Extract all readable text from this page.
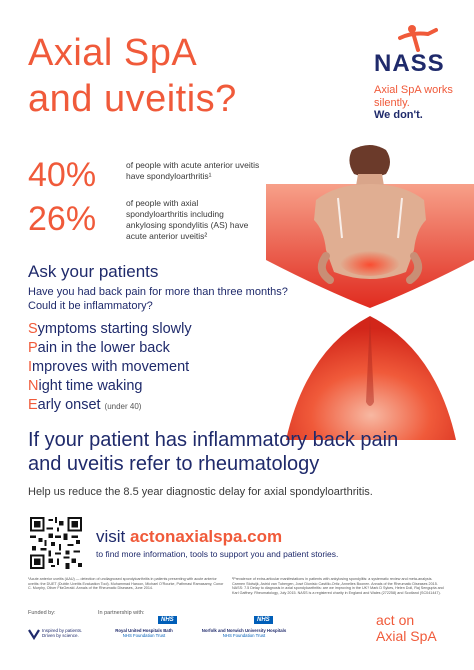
Axial SpA
and uveitis?
NASS
Axial SpA works silently.
We don't.
40%	of people with acute anterior uveitis have spondyloarthritis¹
26%	of people with axial spondyloarthritis including ankylosing spondylitis (AS) have acute anterior uveitis²
Ask your patients
Have you had back pain for more than three months?
Could it be inflammatory?
Symptoms starting slowly
Pain in the lower back
Improves with movement
Night time waking
Early onset (under 40)
If your patient has inflammatory back pain
and uveitis refer to rheumatology
Help us reduce the 8.5 year diagnostic delay for axial spondyloarthritis.
visit actonaxialspa.com
to find more information, tools to support you and patient stories.
¹Acute anterior uveitis (AAU) — detection of undiagnosed spondyloarthritis in patients presenting with acute anterior uveitis: the DUET (Dublin Uveitis Evaluation Tool). Muhammad Haroon, Michael O'Rourke, Pathmasi Ramasamy, Conor C. Murphy, Oliver FitzGerald. Annals of the Rheumatic Diseases, June 2014.
²Prevalence of extra-articular manifestations in patients with ankylosing spondylitis: a systematic review and meta-analysis. Carmen Stolwijk, Astrid van Tubergen, José Dionisio Castillo-Ortiz, Annelies Boonen. Annals of the Rheumatic Diseases 2015. NASS: 7.5 Delay to diagnosis in axial spondyloarthritis: are we improving in the UK? Mark D Sykes, Helen Doll, Raj Sengupta and Karl Gaffney. Rheumatology, July 2015. NASS is a registered charity in England and Wales (272258) and Scotland (SC041447).
Funded by:	In partnership with:
Inspired by patients. Driven by science.
NHS
Royal United Hospitals Bath
NHS Foundation Trust
NHS
Norfolk and Norwich University Hospitals
NHS Foundation Trust
act on
Axial SpA
